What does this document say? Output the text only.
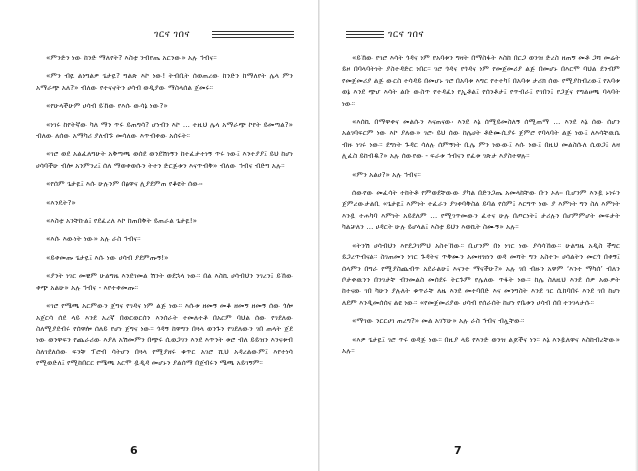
ገርና ገበና

«ምንድን ነው ከንድ ማለየት? እስቲ ንብየጤ አርንው» አሉ ኅብና።

«ምን ብዬ ልነግልዎ ጌታዬ? ግልጽ እኮ ነው! ትብቢት ሰወጠረው ከንድን ከማለየት ሌላ ምን አማራጭ አለ?» ብለው የተናኖትን ሀሳብ ወዲያው ማስላሰል ጀመሩ።

«የሁላችሁም ሀሳብ ይኸው የእሱ ውሳኔ ነው?»

«ነገሩ ከየትኛው ካለ ማን ጥሩ ይጠግሳ? ሆነብን እኮ … ተዚህ ሌላ አማራጭ ኮየት ይመጣል?» ብለው ለሰው አማካሪ ያለብኙ መሳለው እጥብቀው አሰሩት።

«ገሮ ወደ አልፈለግሁት አቅጣጫ ወሰደ ወንደሽነኝን ከተፈታተነኝ ጥሩ ነው፤ እንተያያ፤ ይህ ከሆነ ሀሳባችሁ ብሎ አንምንረ፤ ሰለ ማወቀወሱን ትተን ድርጅቱን እናጥብቅ» ብለው ኅብና ብድግ አሉ።

«የሰም ጌታዬ፤ እሱ ሁሉንም በፅዋና ሊያደምጠ የቆዩት ሰው፡፡

«እንዴት?»

«እስቲ አንቸኩል፤ የደፈረለ እኮ ከጠበቅት ይጠራል ጌታዬ!»

«እሱ እውነት ነው» አሉ ራስ ኅብና።

«ይቀመጡ ጌታዬ፤ እሱ ነው ሀሳብ ያደምጡኝ!»

«ያንት ነገር መቼም ሁልግዜ እንደገመል ሽንት ወደኋላ ነው። በል እስኪ ሀሳብህን ንገረን፤ ይኸው ቀጭ አልሁ» አሉ ኅብና - እየተቀመጡ።

«ገሮ የሜጫ አርምውን ጀግና የገዳና ነም ልጅ ነው። እሱቱ ዘመኝ መቆ ዘመኝ ዘመኝ ሰው ጎሎ አጀርሳ ሰደ ላይ እንደ አረኛ በወርወርሰን እንሰራት ተመለተቶ በአርም ባህል ሰው የገደለው ስለሚያደብሩ የሰዋሎ ሰለይ የሆነ ጀግና ነው። ጎዳኝ ከዋግን በጓላ ወንጉን የገደለውን ገበ ጠላት ጀደ ነው ወንዋፍን የጨራሪው እያለ አሽመምን በጭሩ ሲወጋገን እንደ እጥንት ቱሮ ብለ ይይዝን እንናቱብ ስለገደለሰው ፍንቹ ፕሮብ ሳትሆን በጓላ የሚያዘሩ ቁጥር አገሮ ሺህ አዳረልውም፤ እየተነሳ የሚወድለ፤ የሚከበርር የሜጫ አርሞ ዷዲዳ መሆኑን ያልሰማ በጀብሩን ሜጫ አይገኝም።

6
ገርና ገበና

«ይኸው የገሮ እሳት ጎዳና ነም የአባቱን ግዛት በማስፋት እስከ በርጋ ወንዝ ድረስ ዘጠኝ መቶ ጋሻ መሬት ይዞ በባላባትነት ያስተዳድር ነበር። ገሮ ጎዳና የጎዳና ነም የመጀመሪያ ልጅ በመሆኑ በእርሞ ባህል ደንብም የመጀመሪያ ልጅ ውርስ ተሳዳይ በመሆኑ ገሮ በአባቱ እግር የተተካ፣ በአባቱ ታሪክ ሰው የሚያከብረው፤ የአባቱ ወኔ እንደ ጭሆ እሳት ልቡ ውስጥ የተዳፈነ የኢቶል፤ የሰንቶታ፤ የጥብራ፤ የገበን፤ የጋጀና የግልፀጫ ባላባት ነው።

«እሰኪ በማዋቀና መልሱን እናጠናው፡ እንደ እኔ ሰሚይመስለኝ ሰሚጠማ … እንደ እኔ ሰው ሰሆን አልገባፍርም ነው እኮ ያለው» ገሮ፡ ይህ ሰው ከሌሀት ቶድሙሲያሩ ጀምሮ የባላባት ልጅ ነው፤ ለእሳቸዉሴ ብዙ ነገሩ ነው። ደግነት ጉዳር ሳለሉ ሰምኝነት ቢሌ ምን ነውው፤ እሱ ነው፤ በዚህ መልስሱለ ሲወጋ፤ ለዛ ሊፈስ ይከብዱ?» አሉ ሰውየው - ፍራቱ ኅብናን የፈቱ ገጽታ እያስተዋሉ።

«ምን አልሀ?» አሉ ኅብና።

ሰውየው መፈሳት ተከትቶ የምወደቸውው ያካል በድንጋጤ አመላከቸው ቡን ኦለ፡፡ ቢሆንም እንዷ ኑነሩን ጀምረውታልቢ «ጌታዬ፤ እምነት ተፈራን ያገቀባቅስል ይባል የሰም፤ እርግጥ ነው ያ እምነት ግን ስለ እምነት እንዷ ተሐካባ እምነት አይደለም … የሚገጥመውን ፈተና ሁሉ በጦርነት፤ ታሪሉን በሆምምሆት መፍታት ካልቻለን … ሀዳርት ሁሉ ይሆላል፤ እስቲ ይህን እወኪት ስሙኝ» አሉ።

«ትንሽ ሀሳብህን እየደጋገምህ አስተኸው። ቢሆንም በነ ነገር ነው ያሳሳኸው። ሁልግዜ አዲስ ችግር ይጋረጥብናል። ስገጠመን ነገር ጉዳትና ጥቅሙን አመዛዝነን ወዳ መሻት ግን አስተን፡ ሀሳልትን መርጎ በቀኝ፤ ሰላምን በግራ የሚያስጨብጥ አደራልሁ፤ እናንተ ማናችሁ?» አሉ ገበ ብዙን አዋም ‘እንተ ማካሰ’ ብለን ቦታቀዉንን በንገታቸ ብንመልስ መሰደሩ ትርጉም የሌለው ጥፋት ነው። ከሌ ስለዚህ እንደ ሰዎ አውዎት ከተናው ገበ ካሁን ያሉለት ቁጥራቸ ለዜ እንደ መተባበድ እና መንግስት እንደ ገር ሲከባበሩ እንደ ገበ ከሆነ ለደም እንዲመሰሰና ልዩ ነው። «የመጀመሪያው ሀሳብ የሰራሰት ከሆነ የቤቱን ሀሳብ ሰበ ተንገላታሱ።

«ማገው ንርርሀገ ጠረግ?» መል አገኘሁ» አሉ ራስ ኅብና ብሏቸው።

«እዎ ጌታዬ፤ ገሮ ጥሩ ወዳጅ ነው። በዚያ ላይ የእንድ ወንዝ ልጆችና ነን። እኔ እንዷለዋና እስከብረቸው» አሉ።

7
